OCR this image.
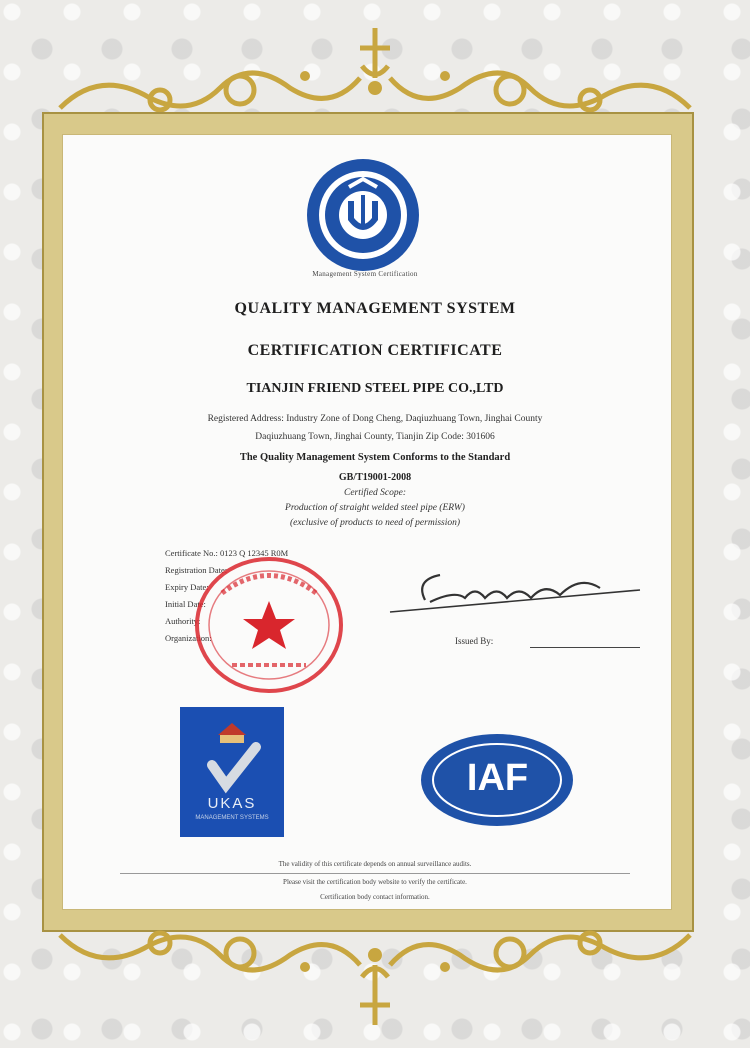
Management System Certification
QUALITY MANAGEMENT SYSTEM
CERTIFICATION CERTIFICATE
TIANJIN FRIEND STEEL PIPE CO.,LTD
Registered Address: Industry Zone of Dong Cheng, Daqiuzhuang Town, Jinghai County
Daqiuzhuang Town, Jinghai County, Tianjin Zip Code: 301606
The Quality Management System Conforms to the Standard
GB/T19001-2008
Certified Scope:
Production of straight welded steel pipe (ERW)
(exclusive of products to need of permission)
Certificate No.: 0123 Q 12345 R0M
Registration Date:
Expiry Date:
Initial Date:
Authority:
Organization:	Issued By:
UKAS
MANAGEMENT SYSTEMS
IAF
The validity of this certificate depends on annual surveillance audits.
Please visit the certification body website to verify the certificate.
Certification body contact information.
